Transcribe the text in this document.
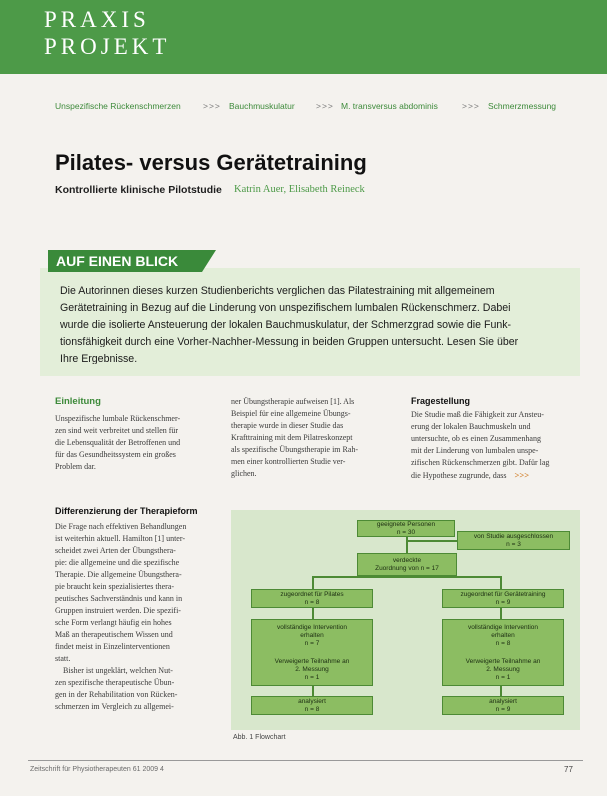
PRAXIS
PROJEKT
Unspezifische Rückenschmerzen	>>> Bauchmuskulatur	>>> M. transversus abdominis	>>> Schmerzmessung
Pilates- versus Gerätetraining
Kontrollierte klinische Pilotstudie Katrin Auer, Elisabeth Reineck
AUF EINEN BLICK
Die Autorinnen dieses kurzen Studienberichts verglichen das Pilatestraining mit allgemeinem
Gerätetraining in Bezug auf die Linderung von unspezifischem lumbalen Rückenschmerz. Dabei
wurde die isolierte Ansteuerung der lokalen Bauchmuskulatur, der Schmerzgrad sowie die Funk-
tionsfähigkeit durch eine Vorher-Nachher-Messung in beiden Gruppen untersucht. Lesen Sie über
Ihre Ergebnisse.
Einleitung
Unspezifische lumbale Rückenschmer-
zen sind weit verbreitet und stellen für
die Lebensqualität der Betroffenen und
für das Gesundheitssystem ein großes
Problem dar.
Differenzierung der Therapieform
Die Frage nach effektiven Behandlungen
ist weiterhin aktuell. Hamilton [1] unter-
scheidet zwei Arten der Übungsthera-
pie: die allgemeine und die spezifische
Therapie. Die allgemeine Übungsthera-
pie braucht kein spezialisiertes thera-
peutisches Sachverständnis und kann in
Gruppen instruiert werden. Die spezifi-
sche Form verlangt häufig ein hohes
Maß an therapeutischem Wissen und
findet meist in Einzelinterventionen
statt.
Bisher ist ungeklärt, welchen Nut-
zen spezifische therapeutische Übun-
gen in der Rehabilitation von Rücken-
schmerzen im Vergleich zu allgemei-
ner Übungstherapie aufweisen [1]. Als
Beispiel für eine allgemeine Übungs-
therapie wurde in dieser Studie das
Krafttraining mit dem Pilatreskonzept
als spezifische Übungstherapie im Rah-
men einer kontrollierten Studie ver-
glichen.
Fragestellung
Die Studie maß die Fähigkeit zur Ansteu-
erung der lokalen Bauchmuskeln und
untersuchte, ob es einen Zusammenhang
mit der Linderung von lumbalen unspe-
zifischen Rückenschmerzen gibt. Dafür lag
die Hypothese zugrunde, dass >>>
geeignete Personen
n = 30
von Studie ausgeschlossen
n = 3
verdeckte
Zuordnung von n = 17
zugeordnet für Pilates
n = 8
zugeordnet für Gerätetraining
n = 9
vollständige Intervention
erhalten
n = 7
Verweigerte Teilnahme an
2. Messung
n = 1
vollständige Intervention
erhalten
n = 8
Verweigerte Teilnahme an
2. Messung
n = 1
analysiert
n = 8
analysiert
n = 9
Abb. 1 Flowchart
Zeitschrift für Physiotherapeuten 61 2009 4	77
